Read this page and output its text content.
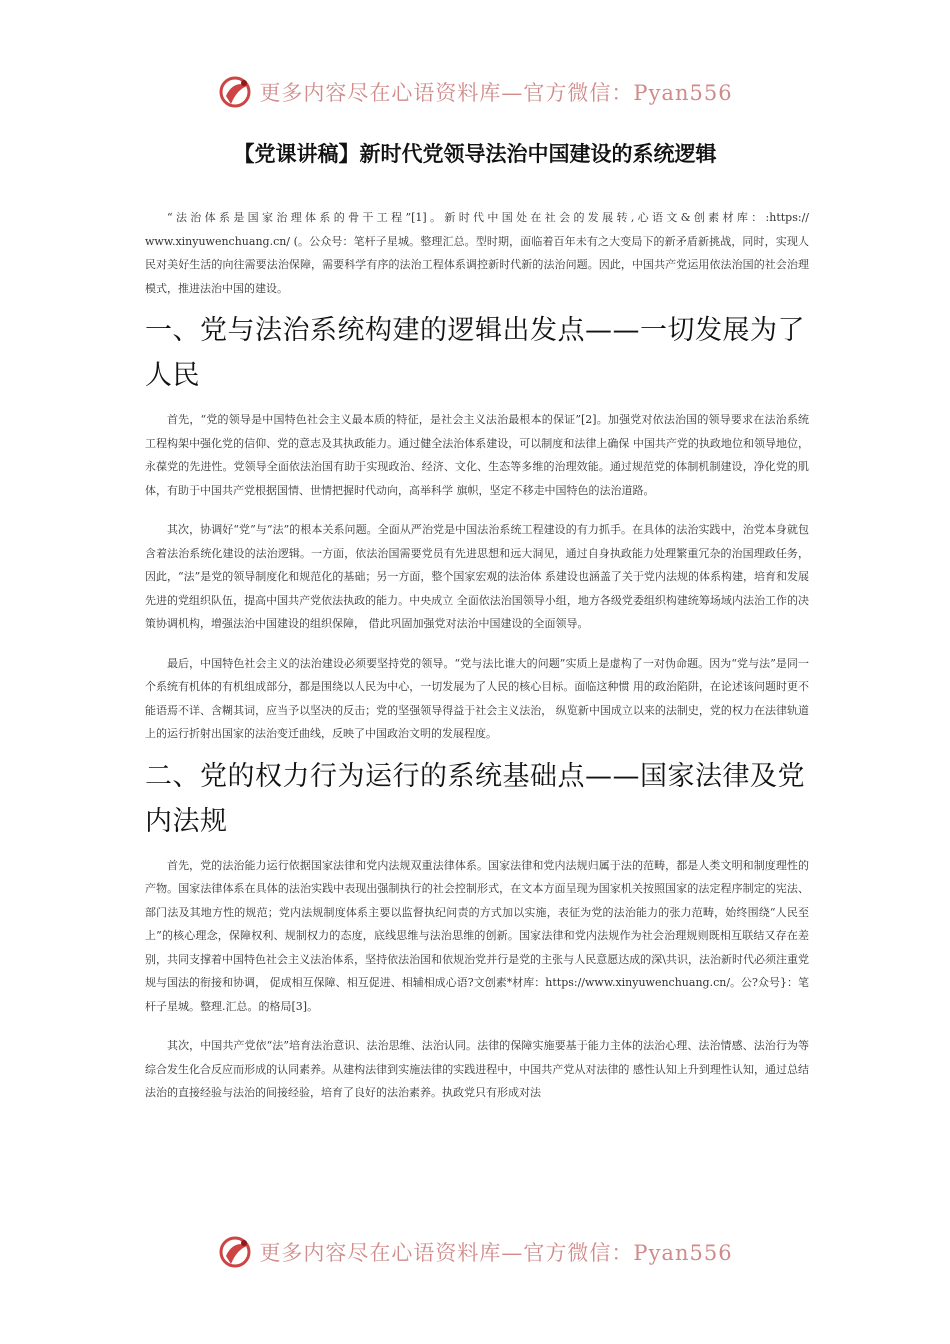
更多内容尽在心语资料库—官方微信：Pyan556
【党课讲稿】新时代党领导法治中国建设的系统逻辑

“法治体系是国家治理体系的骨干工程”[1]。新时代中国处在社会的发展转,心语文&创素材库：:https:// www.xinyuwenchuang.cn/ (。公众号：笔杆子星城。整理汇总。型时期，面临着百年未有之大变局下的新矛盾新挑战，同时，实现人民对美好生活的向往需要法治保障，需要科学有序的法治工程体系调控新时代新的法治问题。因此，中国共产党运用依法治国的社会治理模式，推进法治中国的建设。

一、党与法治系统构建的逻辑出发点——一切发展为了人民

首先，“党的领导是中国特色社会主义最本质的特征，是社会主义法治最根本的保证”[2]。加强党对依法治国的领导要求在法治系统工程构架中强化党的信仰、党的意志及其执政能力。通过健全法治体系建设，可以制度和法律上确保 中国共产党的执政地位和领导地位，永葆党的先进性。党领导全面依法治国有助于实现政治、经济、文化、生态等多维的治理效能。通过规范党的体制机制建设，净化党的肌体，有助于中国共产党根据国情、世情把握时代动向，高举科学 旗帜，坚定不移走中国特色的法治道路。

其次，协调好“党”与“法”的根本关系问题。全面从严治党是中国法治系统工程建设的有力抓手。在具体的法治实践中，治党本身就包含着法治系统化建设的法治逻辑。一方面，依法治国需要党员有先进思想和远大洞见，通过自身执政能力处理繁重冗杂的治国理政任务，因此，“法”是党的领导制度化和规范化的基础；另一方面，整个国家宏观的法治体 系建设也涵盖了关于党内法规的体系构建，培育和发展先进的党组织队伍，提高中国共产党依法执政的能力。中央成立 全面依法治国领导小组，地方各级党委组织构建统筹场域内法治工作的决策协调机构，增强法治中国建设的组织保障， 借此巩固加强党对法治中国建设的全面领导。

最后，中国特色社会主义的法治建设必须要坚持党的领导。“党与法比谁大的问题”实质上是虚构了一对伪命题。因为“党与法”是同一个系统有机体的有机组成部分，都是围绕以人民为中心，一切发展为了人民的核心目标。面临这种惯 用的政治陷阱，在论述该问题时更不能语焉不详、含糊其词，应当予以坚决的反击；党的坚强领导得益于社会主义法治， 纵览新中国成立以来的法制史，党的权力在法律轨道上的运行折射出国家的法治变迁曲线，反映了中国政治文明的发展程度。

二、党的权力行为运行的系统基础点——国家法律及党内法规

首先，党的法治能力运行依据国家法律和党内法规双重法律体系。国家法律和党内法规归属于法的范畴，都是人类文明和制度理性的产物。国家法律体系在具体的法治实践中表现出强制执行的社会控制形式，在文本方面呈现为国家机关按照国家的法定程序制定的宪法、部门法及其地方性的规范；党内法规制度体系主要以监督执纪问责的方式加以实施，表征为党的法治能力的张力范畴，始终围绕“人民至上”的核心理念，保障权利、规制权力的态度，底线思维与法治思维的创新。国家法律和党内法规作为社会治理规则既相互联结又存在差别，共同支撑着中国特色社会主义法治体系，坚持依法治国和依规治党并行是党的主张与人民意愿达成的深\共识，法治新时代必须注重党规与国法的衔接和协调， 促成相互保障、相互促进、相辅相成心语?文创素*材库：https://www.xinyuwenchuang.cn/。公?众号}：笔杆子星城。整理.汇总。的格局[3]。

其次，中国共产党依“法”培育法治意识、法治思维、法治认同。法律的保障实施要基于能力主体的法治心理、法治情感、法治行为等综合发生化合反应而形成的认同素养。从建构法律到实施法律的实践进程中，中国共产党从对法律的 感性认知上升到理性认知，通过总结法治的直接经验与法治的间接经验，培育了良好的法治素养。执政党只有形成对法

更多内容尽在心语资料库—官方微信：Pyan556
